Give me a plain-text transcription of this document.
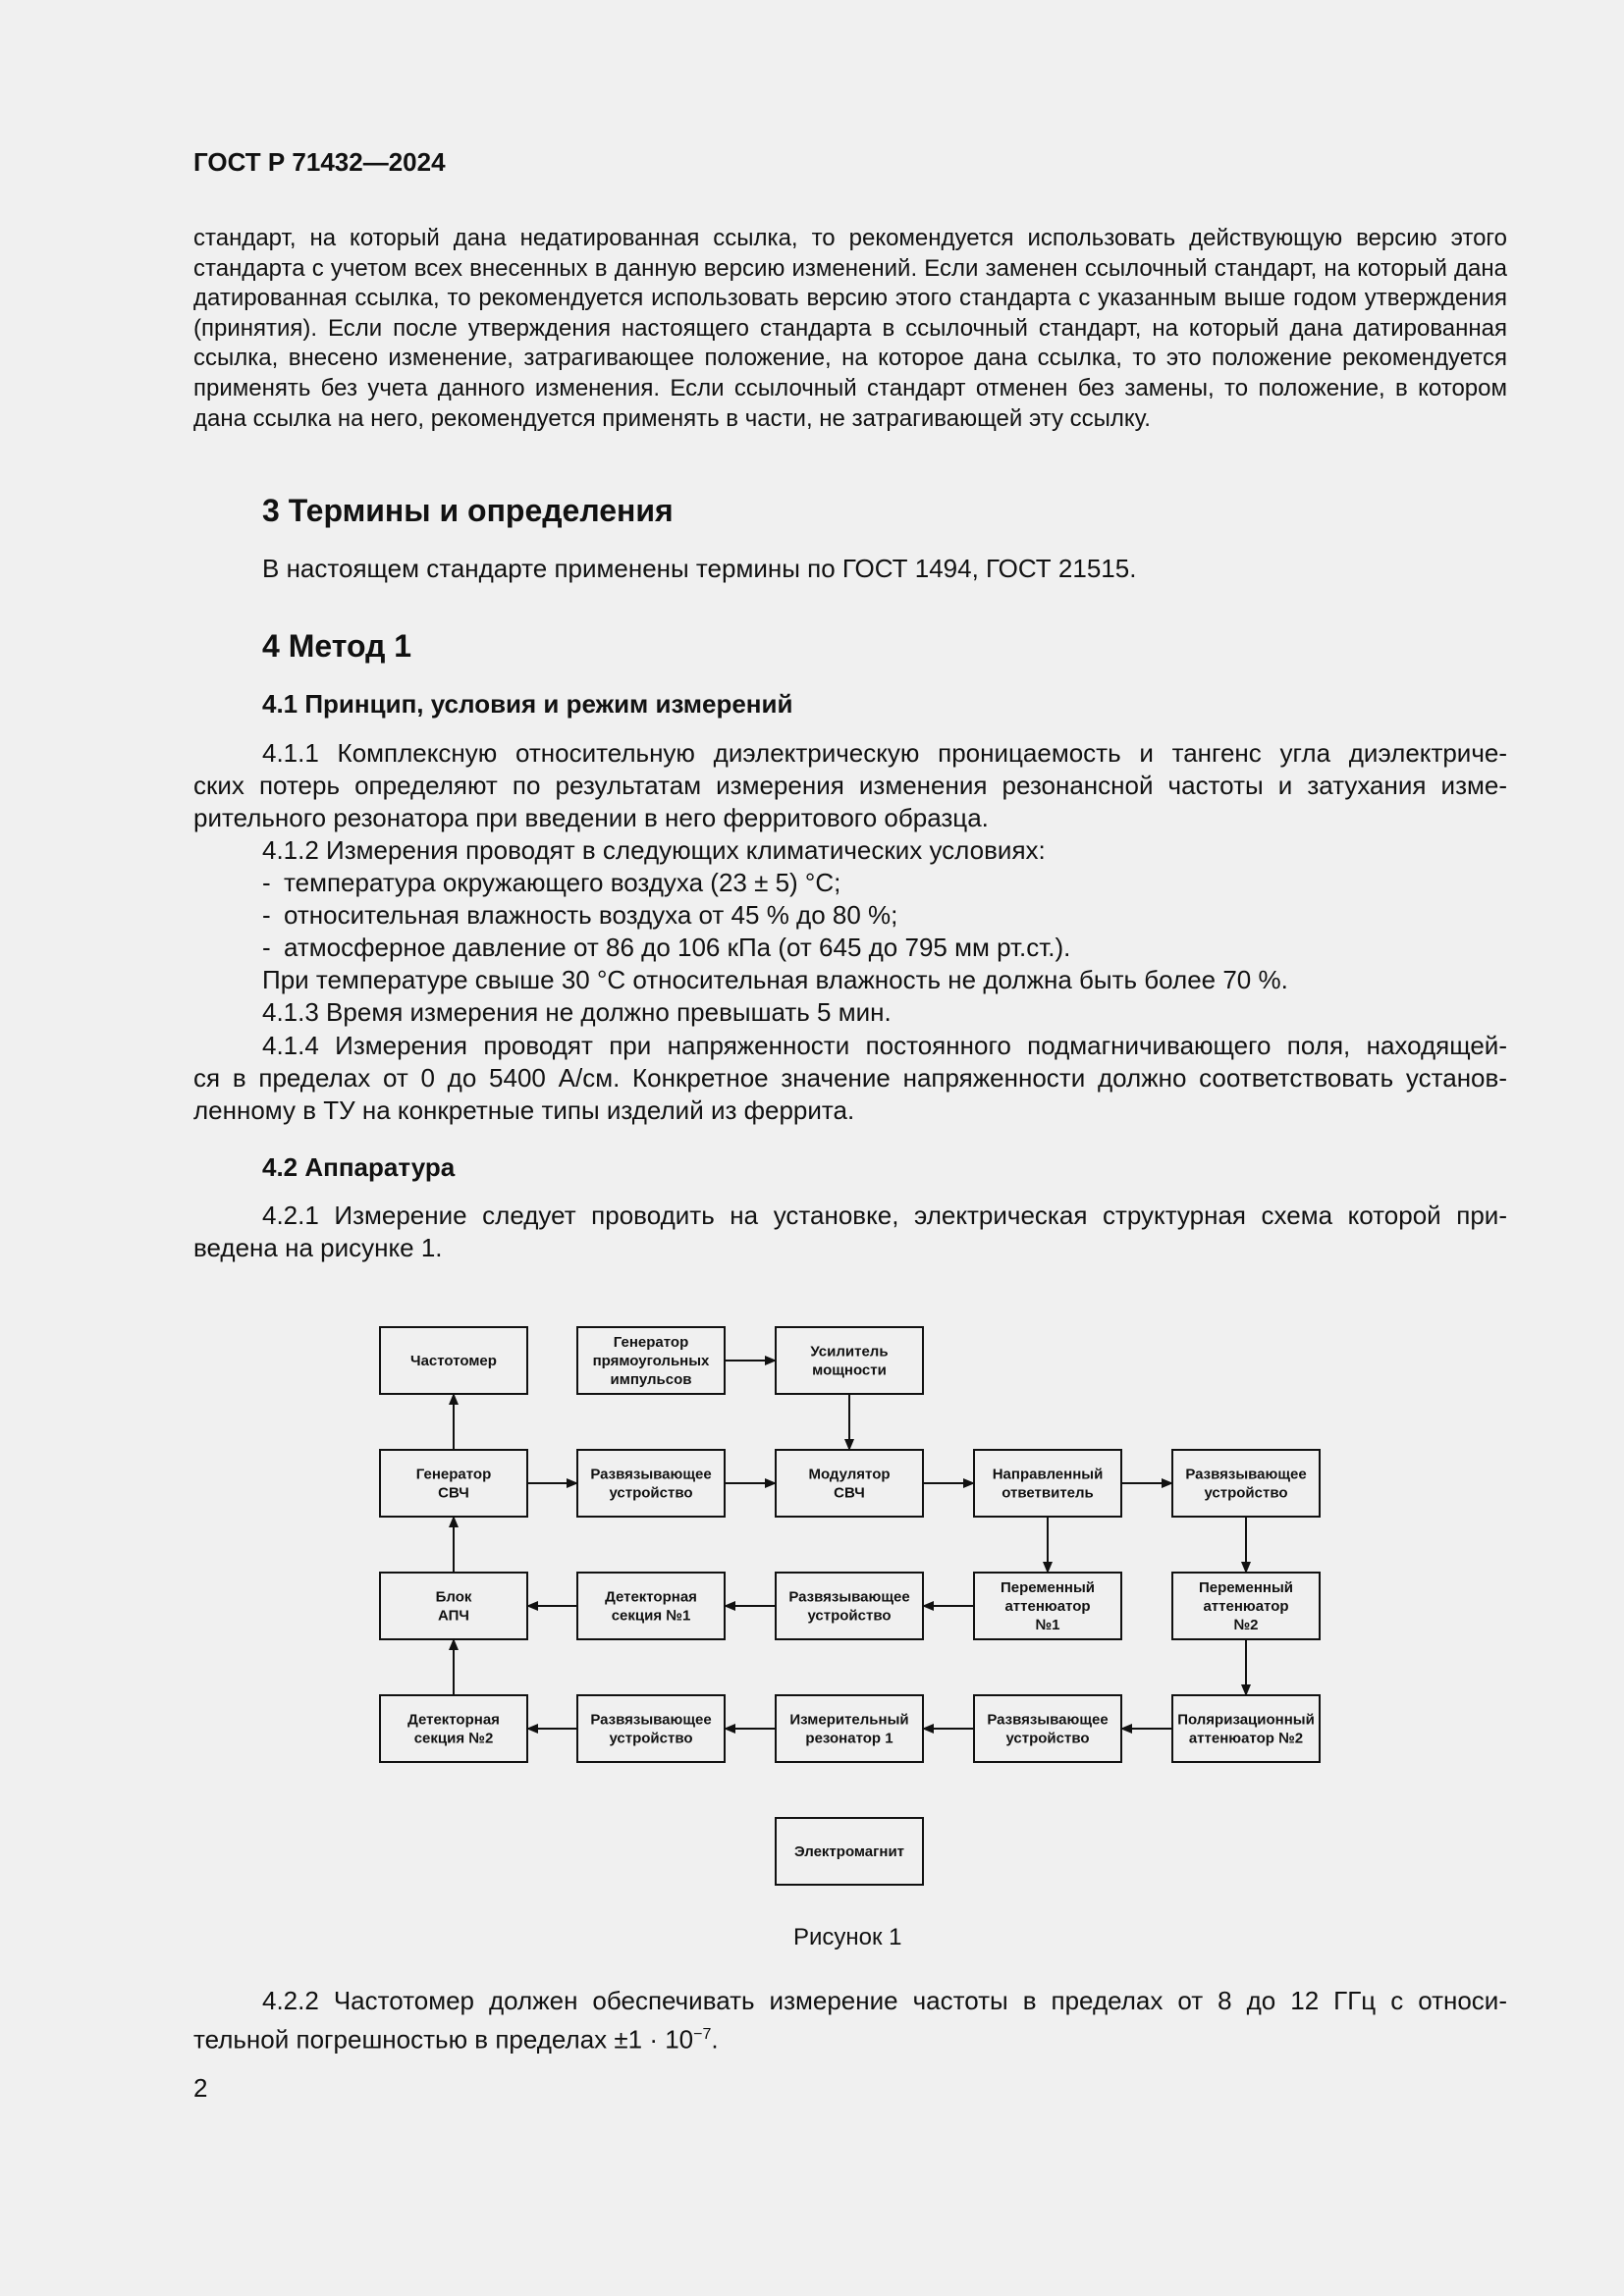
ГОСТ Р 71432—2024
стандарт, на который дана недатированная ссылка, то рекомендуется использовать действующую версию этого стандарта с учетом всех внесенных в данную версию изменений. Если заменен ссылочный стандарт, на который дана датированная ссылка, то рекомендуется использовать версию этого стандарта с указанным выше годом утверждения (принятия). Если после утверждения настоящего стандарта в ссылочный стандарт, на который дана датированная ссылка, внесено изменение, затрагивающее положение, на которое дана ссылка, то это положение рекомендуется применять без учета данного изменения. Если ссылочный стандарт отменен без замены, то положение, в котором дана ссылка на него, рекомендуется применять в части, не затрагивающей эту ссылку.
3 Термины и определения
В настоящем стандарте применены термины по ГОСТ 1494, ГОСТ 21515.
4 Метод 1
4.1 Принцип, условия и режим измерений
4.1.1 Комплексную относительную диэлектрическую проницаемость и тангенс угла диэлектриче-
ских потерь определяют по результатам измерения изменения резонансной частоты и затухания изме-
рительного резонатора при введении в него ферритового образца.
4.1.2 Измерения проводят в следующих климатических условиях:
- температура окружающего воздуха (23 ± 5) °С;
- относительная влажность воздуха от 45 % до 80 %;
- атмосферное давление от 86 до 106 кПа (от 645 до 795 мм рт.ст.).
При температуре свыше 30 °С относительная влажность не должна быть более 70 %.
4.1.3 Время измерения не должно превышать 5 мин.
4.1.4 Измерения проводят при напряженности постоянного подмагничивающего поля, находящей-
ся в пределах от 0 до 5400 А/см. Конкретное значение напряженности должно соответствовать установ-
ленному в ТУ на конкретные типы изделий из феррита.
4.2 Аппаратура
4.2.1 Измерение следует проводить на установке, электрическая структурная схема которой при-
ведена на рисунке 1.
Частотомер
Генератор
прямоугольных
импульсов
Усилитель
мощности
Генератор
СВЧ
Развязывающее
устройство
Модулятор
СВЧ
Направленный
ответвитель
Развязывающее
устройство
Блок
АПЧ
Детекторная
секция №1
Развязывающее
устройство
Переменный
аттенюатор
№1
Переменный
аттенюатор
№2
Детекторная
секция №2
Развязывающее
устройство
Измерительный
резонатор 1
Развязывающее
устройство
Поляризационный
аттенюатор №2
Электромагнит
Рисунок 1
4.2.2 Частотомер должен обеспечивать измерение частоты в пределах от 8 до 12 ГГц с относи-
тельной погрешностью в пределах $\pm 1 \cdot 10^{-7}$.
2
